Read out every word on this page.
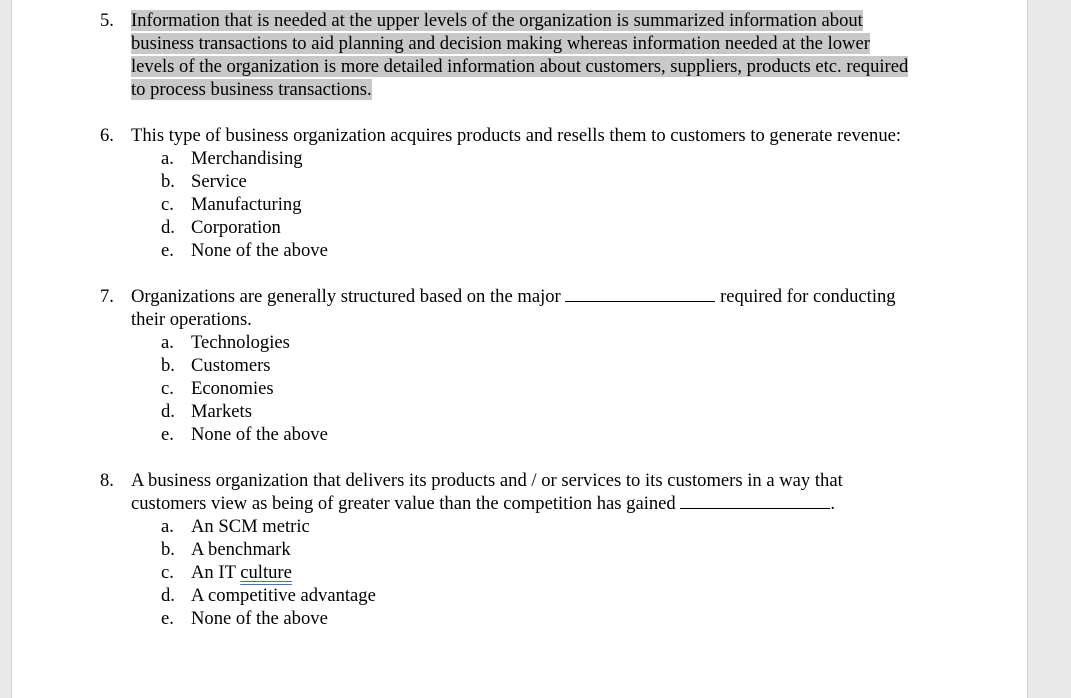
5. Information that is needed at the upper levels of the organization is summarized information about
business transactions to aid planning and decision making whereas information needed at the lower
levels of the organization is more detailed information about customers, suppliers, products etc. required
to process business transactions.
6. This type of business organization acquires products and resells them to customers to generate revenue:
a. Merchandising
b. Service
c. Manufacturing
d. Corporation
e. None of the above
7. Organizations are generally structured based on the major	required for conducting
their operations.
a. Technologies
b. Customers
c. Economies
d. Markets
e. None of the above
8. A business organization that delivers its products and / or services to its customers in a way that
customers view as being of greater value than the competition has gained	.
a. An SCM metric
b. A benchmark
c. An IT culture
d. A competitive advantage
e. None of the above
